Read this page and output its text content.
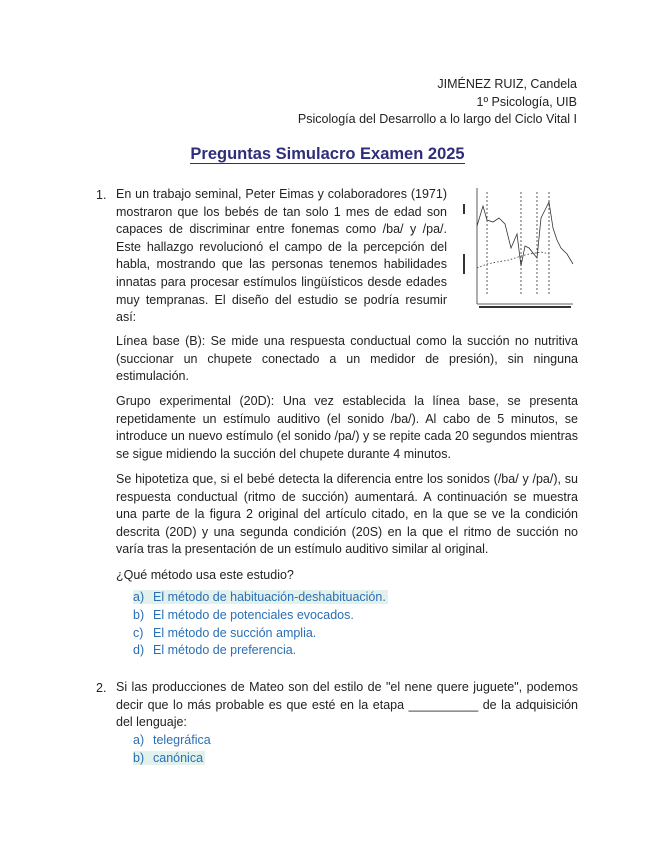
JIMÉNEZ RUIZ, Candela
1º Psicología, UIB
Psicología del Desarrollo a lo largo del Ciclo Vital I
Preguntas Simulacro Examen 2025
1. En un trabajo seminal, Peter Eimas y colaboradores (1971) mostraron que los bebés de tan solo 1 mes de edad son capaces de discriminar entre fonemas como /ba/ y /pa/. Este hallazgo revolucionó el campo de la percepción del habla, mostrando que las personas tenemos habilidades innatas para procesar estímulos lingüísticos desde edades muy tempranas. El diseño del estudio se podría resumir así:
Línea base (B): Se mide una respuesta conductual como la succión no nutritiva (succionar un chupete conectado a un medidor de presión), sin ninguna estimulación.
Grupo experimental (20D): Una vez establecida la línea base, se presenta repetidamente un estímulo auditivo (el sonido /ba/). Al cabo de 5 minutos, se introduce un nuevo estímulo (el sonido /pa/) y se repite cada 20 segundos mientras se sigue midiendo la succión del chupete durante 4 minutos.
Se hipotetiza que, si el bebé detecta la diferencia entre los sonidos (/ba/ y /pa/), su respuesta conductual (ritmo de succión) aumentará. A continuación se muestra una parte de la figura 2 original del artículo citado, en la que se ve la condición descrita (20D) y una segunda condición (20S) en la que el ritmo de succión no varía tras la presentación de un estímulo auditivo similar al original.
¿Qué método usa este estudio?
a) El método de habituación-deshabituación.
b) El método de potenciales evocados.
c) El método de succión amplia.
d) El método de preferencia.
2. Si las producciones de Mateo son del estilo de "el nene quere juguete", podemos decir que lo más probable es que esté en la etapa __________ de la adquisición del lenguaje:
a) telegráfica
b) canónica
